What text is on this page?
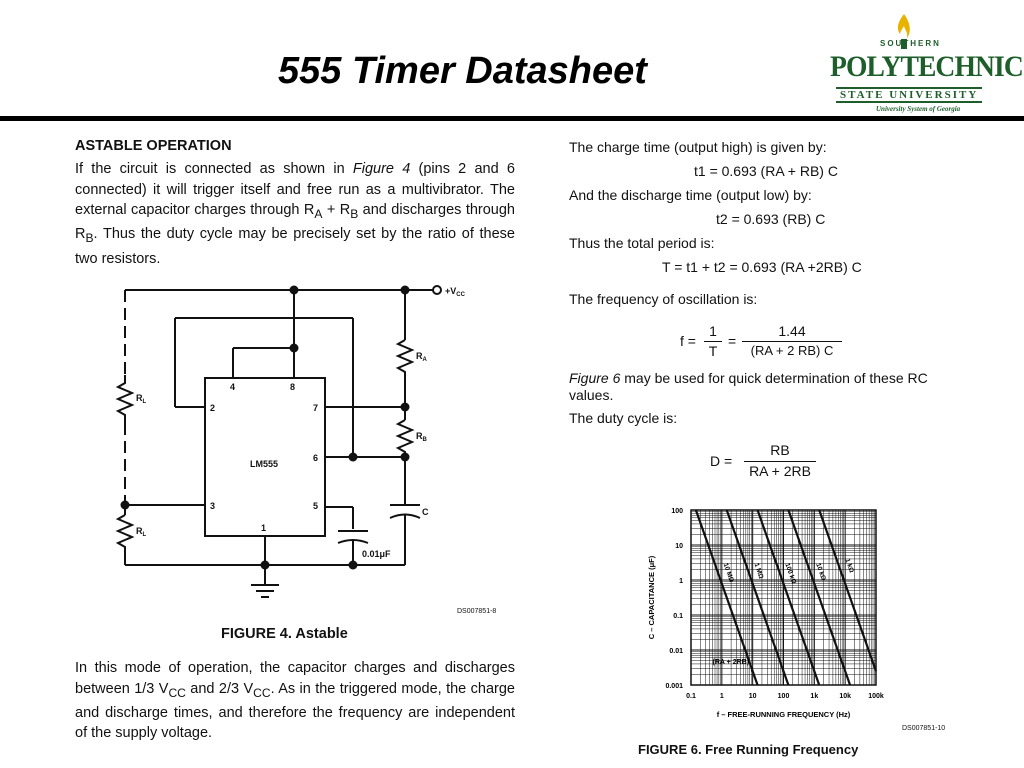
555 Timer Datasheet
SOUTHERN
POLYTECHNIC
STATE UNIVERSITY
University System of Georgia
ASTABLE OPERATION
If the circuit is connected as shown in Figure 4 (pins 2 and 6 connected) it will trigger itself and free run as a multivibrator. The external capacitor charges through $R_A + R_B$ and discharges through $R_B$. Thus the duty cycle may be precisely set by the ratio of these two resistors.
$+V_{CC}$
LM555
4	8
2	7
6
3	5
1
$R_A$
$R_B$
C
$R_L$
$R_L$
0.01μF
DS007851-8
FIGURE 4. Astable
In this mode of operation, the capacitor charges and discharges between 1/3 $V_{CC}$ and 2/3 $V_{CC}$. As in the triggered mode, the charge and discharge times, and therefore the frequency are independent of the supply voltage.
The charge time (output high) is given by:
t1 = 0.693 (RA + RB) C
And the discharge time (output low) by:
t2 = 0.693 (RB) C
Thus the total period is:
T = t1 + t2 = 0.693 (RA +2RB) C
The frequency of oscillation is:
f =
1
T
=
1.44
(RA + 2 RB) C
Figure 6 may be used for quick determination of these RC values.
The duty cycle is:
D =
RB
RA + 2RB
0.1	1	10	100	1k	10k 100k
100
10
1
0.1
0.01
0.001
10 MΩ	1 MΩ	100 kΩ	10 kΩ	1 kΩ
(RA + 2RB)
f – FREE-RUNNING FREQUENCY (Hz)
C – CAPACITANCE (μF)
DS007851-10
FIGURE 6. Free Running Frequency
